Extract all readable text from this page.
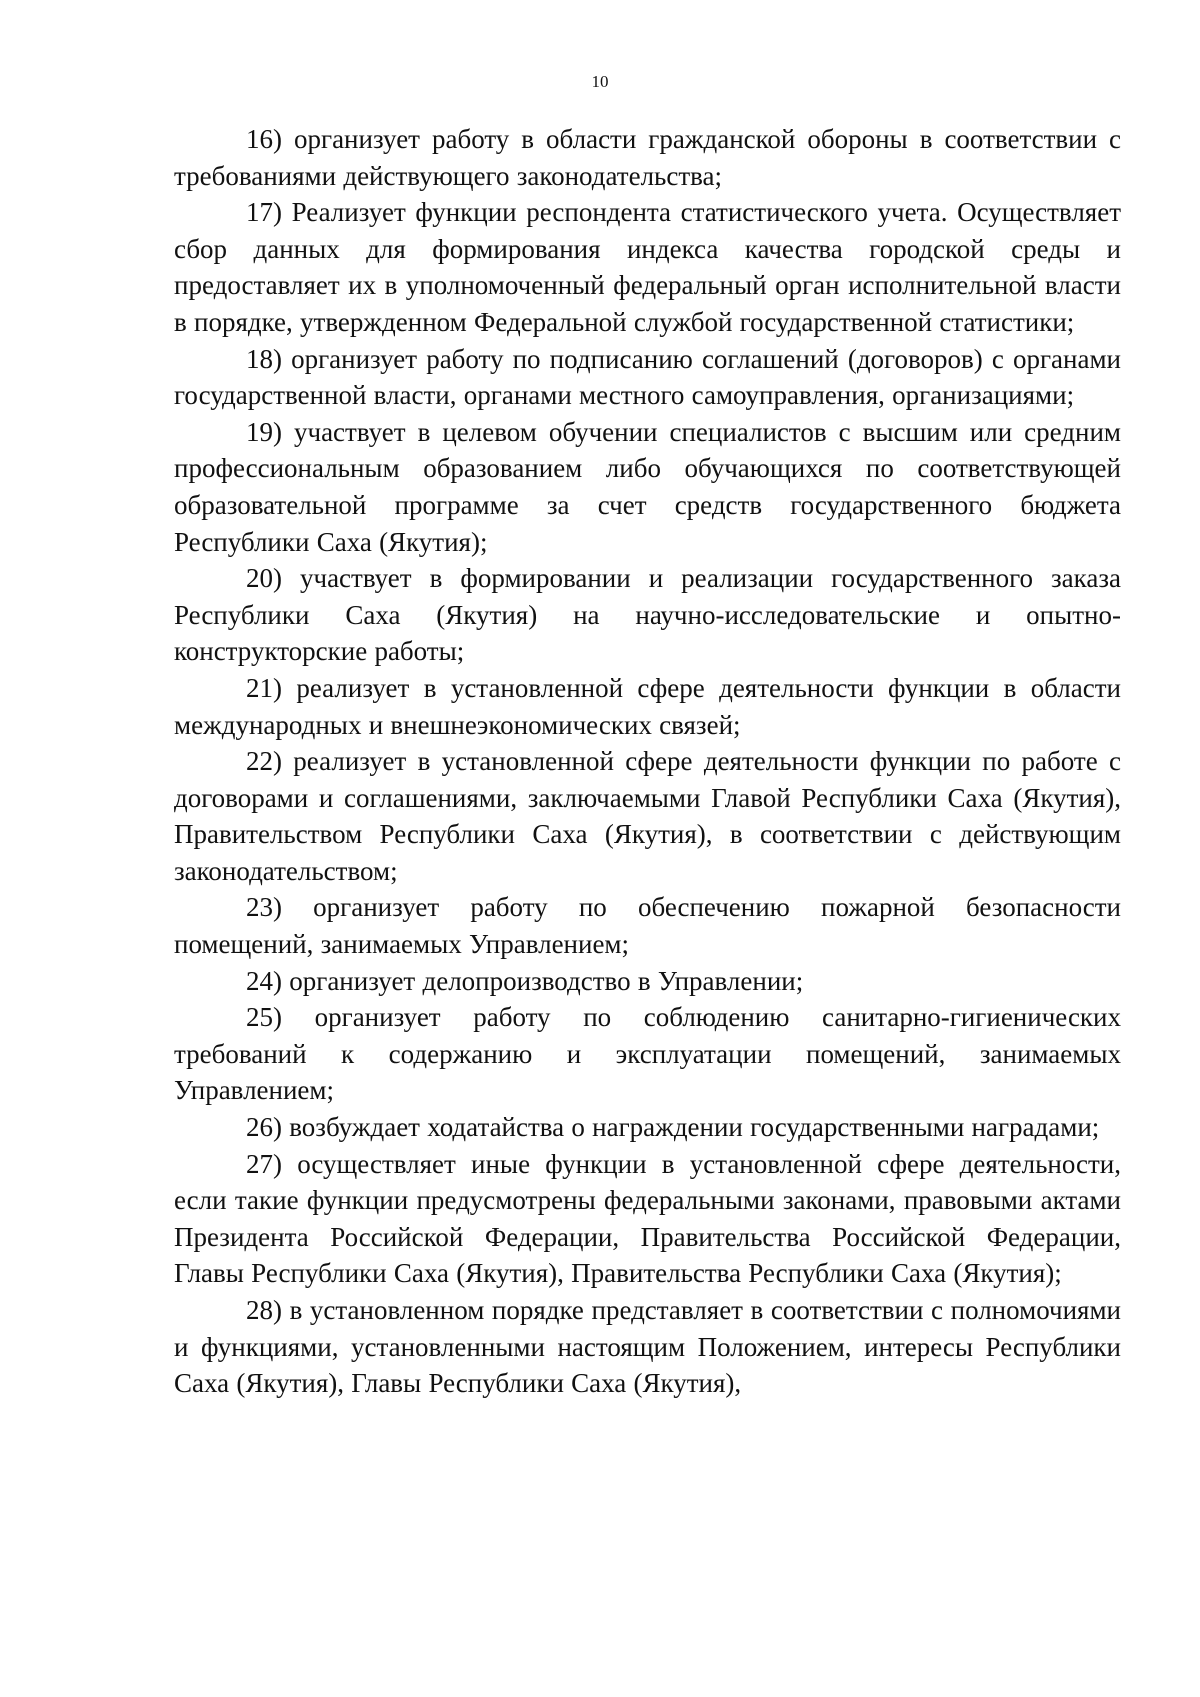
10

16) организует работу в области гражданской обороны в соответствии с требованиями действующего законодательства;

17) Реализует функции респондента статистического учета. Осуществляет сбор данных для формирования индекса качества городской среды и предоставляет их в уполномоченный федеральный орган исполнительной власти в порядке, утвержденном Федеральной службой государственной статистики;

18) организует работу по подписанию соглашений (договоров) с органами государственной власти, органами местного самоуправления, организациями;

19) участвует в целевом обучении специалистов с высшим или средним профессиональным образованием либо обучающихся по соответствующей образовательной программе за счет средств государственного бюджета Республики Саха (Якутия);

20) участвует в формировании и реализации государственного заказа Республики Саха (Якутия) на научно-исследовательские и опытно-конструкторские работы;

21) реализует в установленной сфере деятельности функции в области международных и внешнеэкономических связей;

22) реализует в установленной сфере деятельности функции по работе с договорами и соглашениями, заключаемыми Главой Республики Саха (Якутия), Правительством Республики Саха (Якутия), в соответствии с действующим законодательством;

23) организует работу по обеспечению пожарной безопасности помещений, занимаемых Управлением;

24) организует делопроизводство в Управлении;

25) организует работу по соблюдению санитарно-гигиенических требований к содержанию и эксплуатации помещений, занимаемых Управлением;

26) возбуждает ходатайства о награждении государственными наградами;

27) осуществляет иные функции в установленной сфере деятельности, если такие функции предусмотрены федеральными законами, правовыми актами Президента Российской Федерации, Правительства Российской Федерации, Главы Республики Саха (Якутия), Правительства Республики Саха (Якутия);

28) в установленном порядке представляет в соответствии с полномочиями и функциями, установленными настоящим Положением, интересы Республики Саха (Якутия), Главы Республики Саха (Якутия),
